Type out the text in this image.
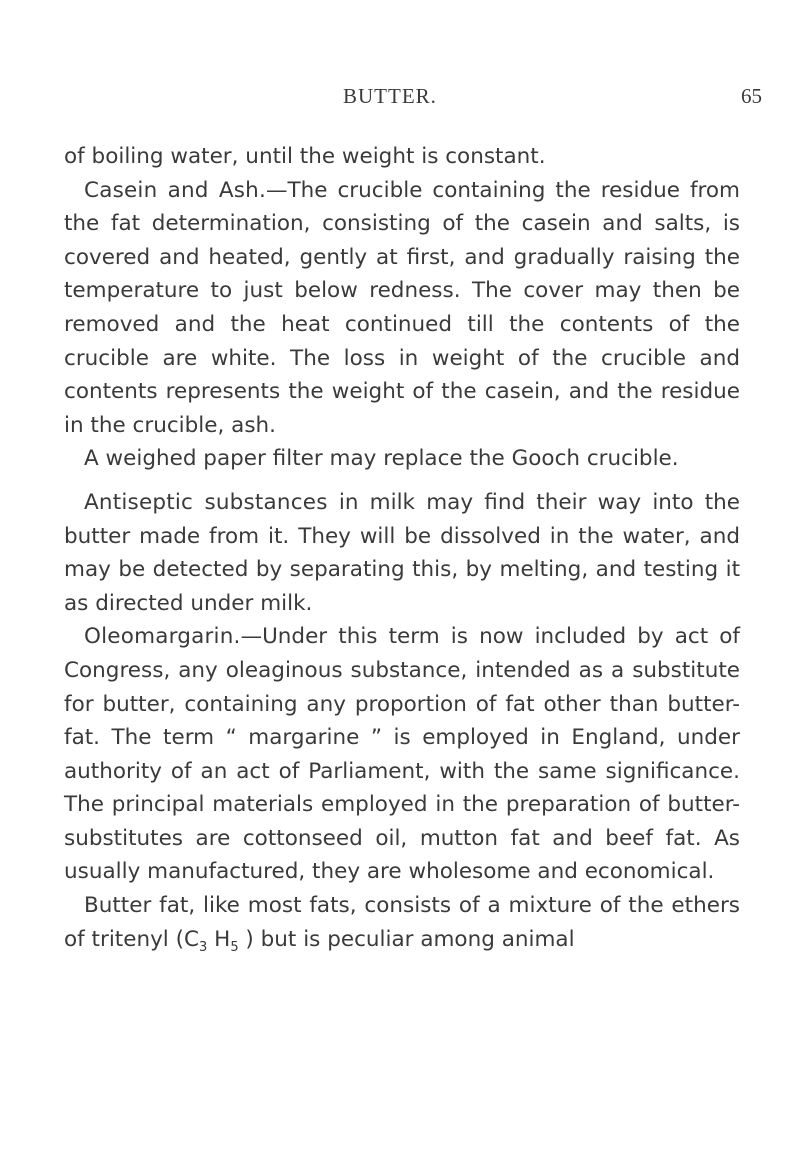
BUTTER.	65

of boiling water, until the weight is constant.

Casein and Ash.—The crucible containing the residue from the fat determination, consisting of the casein and salts, is covered and heated, gently at first, and gradually raising the temperature to just below redness. The cover may then be removed and the heat continued till the contents of the crucible are white. The loss in weight of the crucible and contents represents the weight of the casein, and the residue in the crucible, ash.

A weighed paper filter may replace the Gooch crucible.

Antiseptic substances in milk may find their way into the butter made from it. They will be dissolved in the water, and may be detected by separating this, by melting, and testing it as directed under milk.

Oleomargarin.—Under this term is now included by act of Congress, any oleaginous substance, intended as a substitute for butter, containing any proportion of fat other than butter-fat. The term “ margarine ” is employed in England, under authority of an act of Parliament, with the same significance. The principal materials employed in the preparation of butter-substitutes are cottonseed oil, mutton fat and beef fat. As usually manufactured, they are wholesome and economical.

Butter fat, like most fats, consists of a mixture of the ethers of tritenyl ($C_3$ $H_5$ ) but is peculiar among animal
